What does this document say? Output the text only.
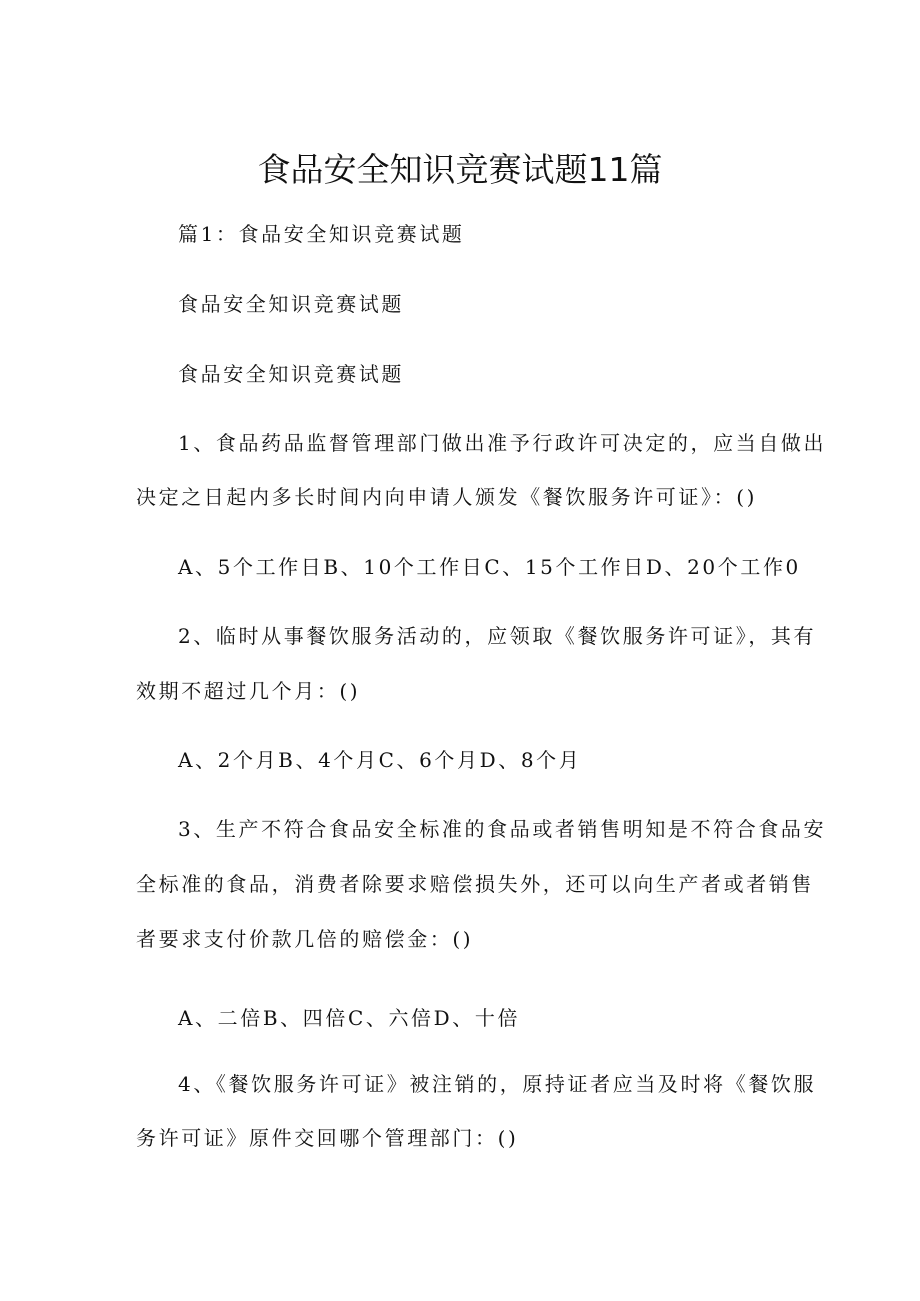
食品安全知识竞赛试题11篇
篇1：食品安全知识竞赛试题
食品安全知识竞赛试题
食品安全知识竞赛试题
1、食品药品监督管理部门做出准予行政许可决定的，应当自做出
决定之日起内多长时间内向申请人颁发《餐饮服务许可证》：()
A、5个工作日B、10个工作日C、15个工作日D、20个工作0
2、临时从事餐饮服务活动的，应领取《餐饮服务许可证》，其有
效期不超过几个月：()
A、2个月B、4个月C、6个月D、8个月
3、生产不符合食品安全标准的食品或者销售明知是不符合食品安
全标准的食品，消费者除要求赔偿损失外，还可以向生产者或者销售
者要求支付价款几倍的赔偿金：()
A、二倍B、四倍C、六倍D、十倍
4、《餐饮服务许可证》被注销的，原持证者应当及时将《餐饮服
务许可证》原件交回哪个管理部门：()
